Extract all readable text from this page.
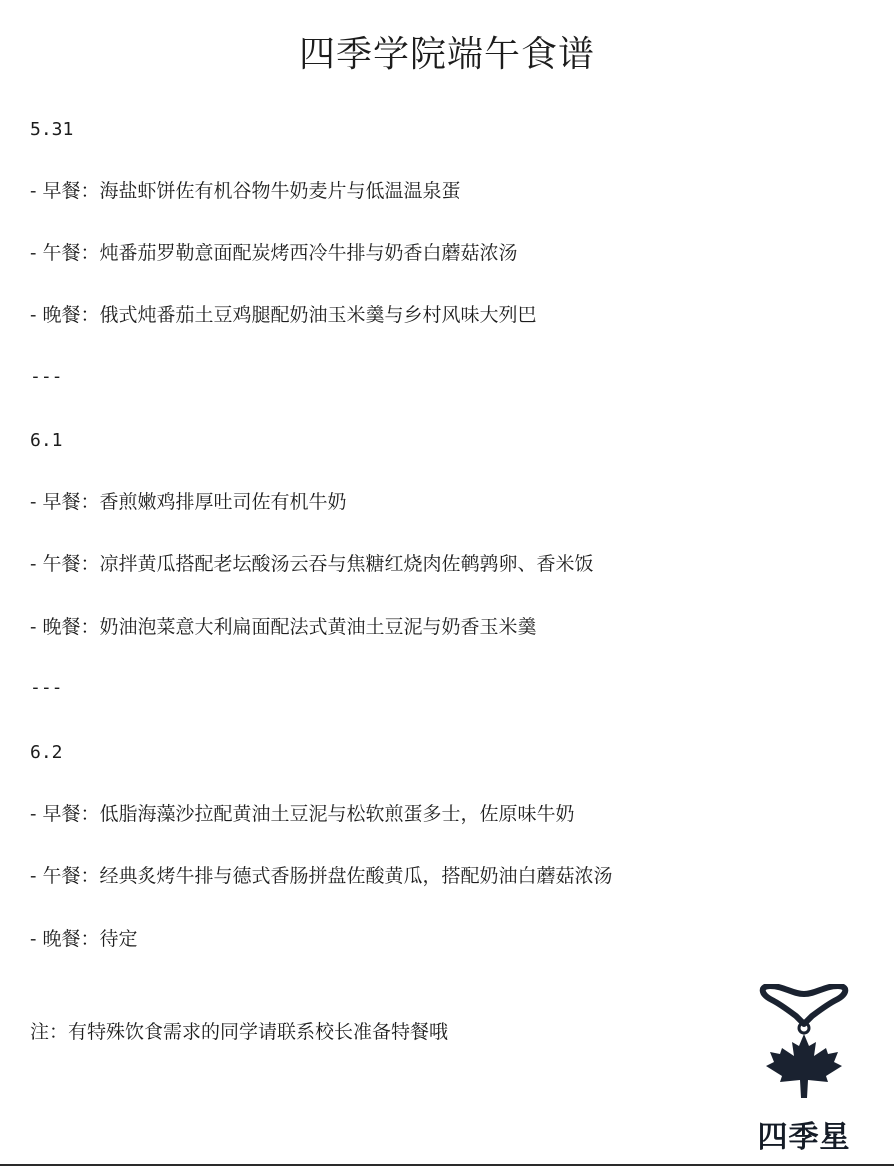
四季学院端午食谱
5.31
- 早餐：海盐虾饼佐有机谷物牛奶麦片与低温温泉蛋
- 午餐：炖番茄罗勒意面配炭烤西冷牛排与奶香白蘑菇浓汤
- 晚餐：俄式炖番茄土豆鸡腿配奶油玉米羹与乡村风味大列巴
---
6.1
- 早餐：香煎嫩鸡排厚吐司佐有机牛奶
- 午餐：凉拌黄瓜搭配老坛酸汤云吞与焦糖红烧肉佐鹌鹑卵、香米饭
- 晚餐：奶油泡菜意大利扁面配法式黄油土豆泥与奶香玉米羹
---
6.2
- 早餐：低脂海藻沙拉配黄油土豆泥与松软煎蛋多士，佐原味牛奶
- 午餐：经典炙烤牛排与德式香肠拼盘佐酸黄瓜，搭配奶油白蘑菇浓汤
- 晚餐：待定
注：有特殊饮食需求的同学请联系校长准备特餐哦
四季星
